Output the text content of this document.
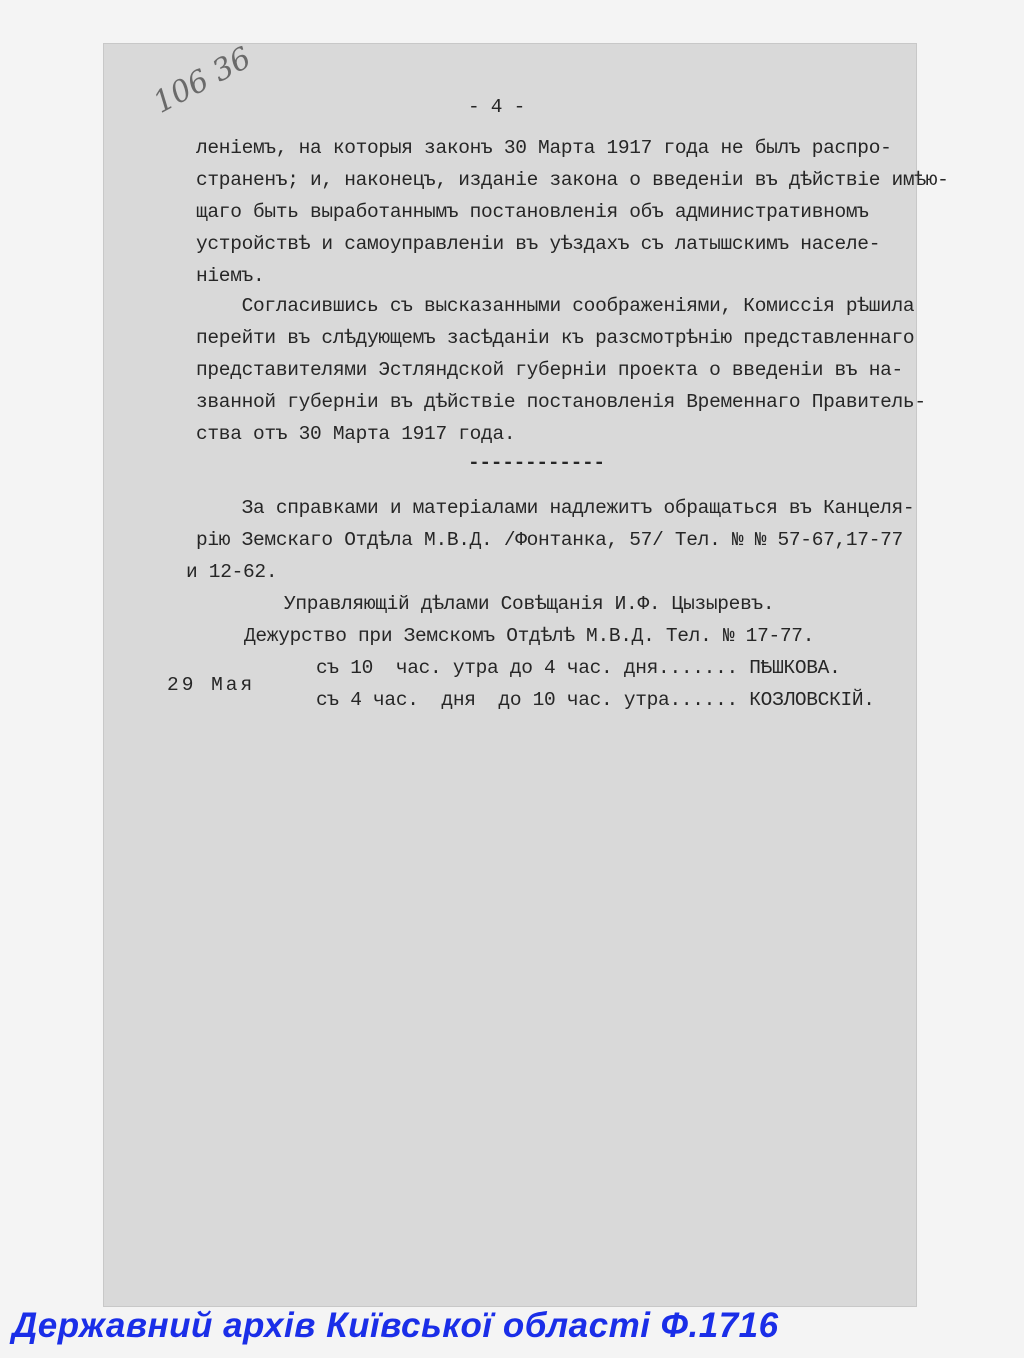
106 36	- 4 -
леніемъ, на которыя законъ 30 Марта 1917 года не былъ распро-
страненъ; и, наконецъ, изданіе закона о введеніи въ дѣйствіе имѣю-
щаго быть выработаннымъ постановленія объ административномъ
устройствѣ и самоуправленіи въ уѣздахъ съ латышскимъ населе-
ніемъ.
Согласившись съ высказанными соображеніями, Комиссія рѣшила
перейти въ слѣдующемъ засѣданіи къ разсмотрѣнію представленнаго
представителями Эстляндской губерніи проекта о введеніи въ на-
званной губерніи въ дѣйствіе постановленія Временнаго Правитель-
ства отъ 30 Марта 1917 года.
------------
За справками и матеріалами надлежитъ обращаться въ Канцеля-
рію Земскаго Отдѣла М.В.Д. /Фонтанка, 57/ Тел. № № 57-67,17-77
и 12-62.
Управляющій дѣлами Совѣщанія И.Ф. Цызыревъ.
Дежурство при Земскомъ Отдѣлѣ М.В.Д. Тел. № 17-77.
29 Мая
съ 10  час. утра до 4 час. дня....... ПѢШКОВА.
съ 4 час.  дня  до 10 час. утра...... КОЗЛОВСКІЙ.
Державний архів Київської області Ф.1716
